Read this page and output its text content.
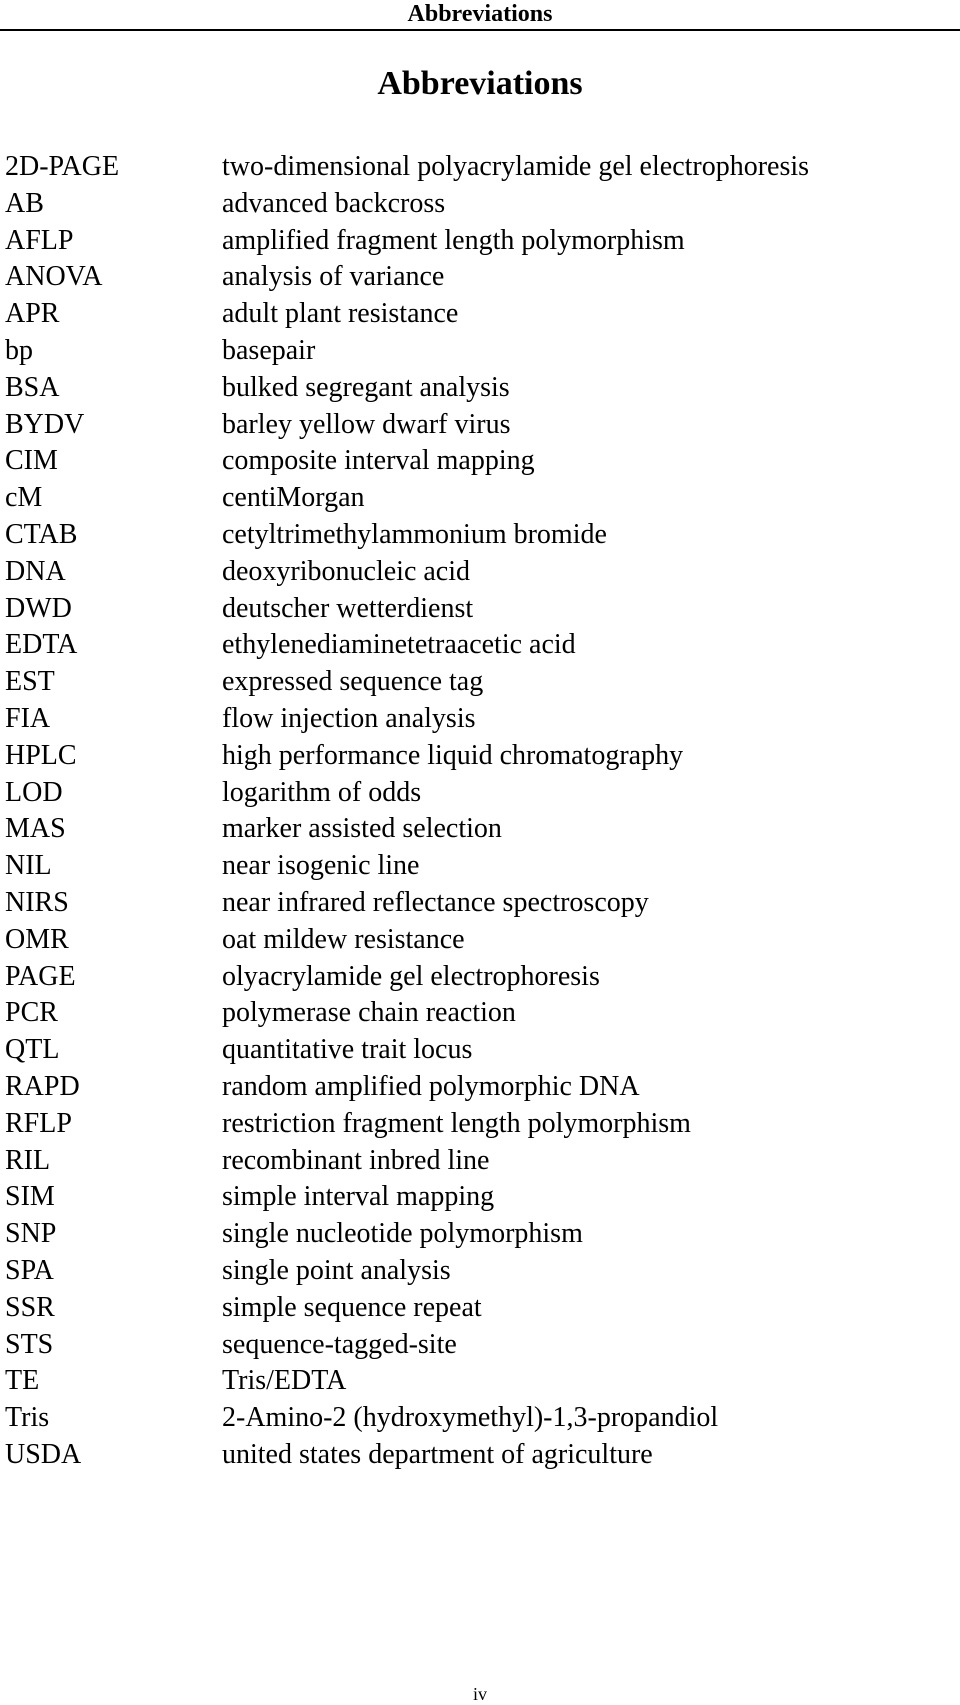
Abbreviations
Abbreviations
2D-PAGE	two-dimensional polyacrylamide gel electrophoresis
AB	advanced backcross
AFLP	amplified fragment length polymorphism
ANOVA	analysis of variance
APR	adult plant resistance
bp	basepair
BSA	bulked segregant analysis
BYDV	barley yellow dwarf virus
CIM	composite interval mapping
cM	centiMorgan
CTAB	cetyltrimethylammonium bromide
DNA	deoxyribonucleic acid
DWD	deutscher wetterdienst
EDTA	ethylenediaminetetraacetic acid
EST	expressed sequence tag
FIA	flow injection analysis
HPLC	high performance liquid chromatography
LOD	logarithm of odds
MAS	marker assisted selection
NIL	near isogenic line
NIRS	near infrared reflectance spectroscopy
OMR	oat mildew resistance
PAGE	olyacrylamide gel electrophoresis
PCR	polymerase chain reaction
QTL	quantitative trait locus
RAPD	random amplified polymorphic DNA
RFLP	restriction fragment length polymorphism
RIL	recombinant inbred line
SIM	simple interval mapping
SNP	single nucleotide polymorphism
SPA	single point analysis
SSR	simple sequence repeat
STS	sequence-tagged-site
TE	Tris/EDTA
Tris	2-Amino-2 (hydroxymethyl)-1,3-propandiol
USDA	united states department of agriculture
iv
